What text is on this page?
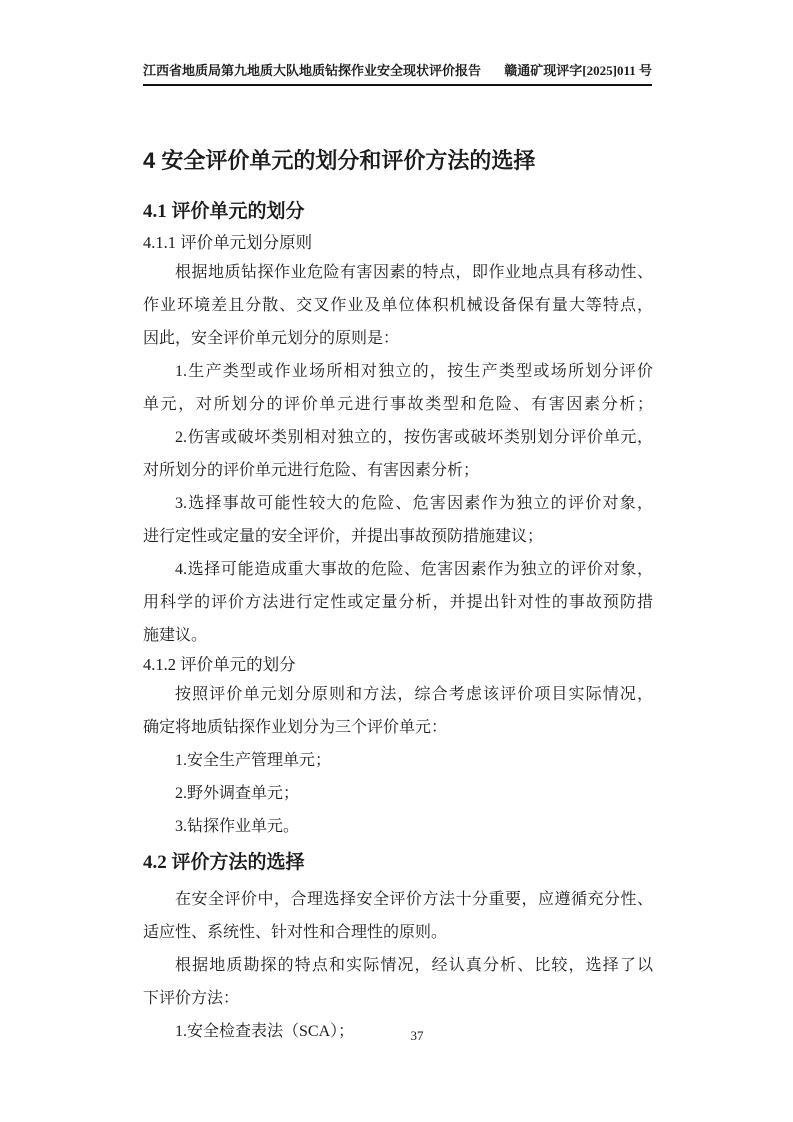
江西省地质局第九地质大队地质钻探作业安全现状评价报告 赣通矿现评字[2025]011 号
4 安全评价单元的划分和评价方法的选择
4.1 评价单元的划分
4.1.1 评价单元划分原则
根据地质钻探作业危险有害因素的特点，即作业地点具有移动性、
作业环境差且分散、交叉作业及单位体积机械设备保有量大等特点，
因此，安全评价单元划分的原则是：
1.生产类型或作业场所相对独立的，按生产类型或场所划分评价
单元，对所划分的评价单元进行事故类型和危险、有害因素分析；
2.伤害或破坏类别相对独立的，按伤害或破坏类别划分评价单元，
对所划分的评价单元进行危险、有害因素分析；
3.选择事故可能性较大的危险、危害因素作为独立的评价对象，
进行定性或定量的安全评价，并提出事故预防措施建议；
4.选择可能造成重大事故的危险、危害因素作为独立的评价对象，
用科学的评价方法进行定性或定量分析，并提出针对性的事故预防措
施建议。
4.1.2 评价单元的划分
按照评价单元划分原则和方法，综合考虑该评价项目实际情况，
确定将地质钻探作业划分为三个评价单元：
1.安全生产管理单元；
2.野外调查单元；
3.钻探作业单元。
4.2 评价方法的选择
在安全评价中，合理选择安全评价方法十分重要，应遵循充分性、
适应性、系统性、针对性和合理性的原则。
根据地质勘探的特点和实际情况，经认真分析、比较，选择了以
下评价方法：
1.安全检查表法（SCA）；	37
